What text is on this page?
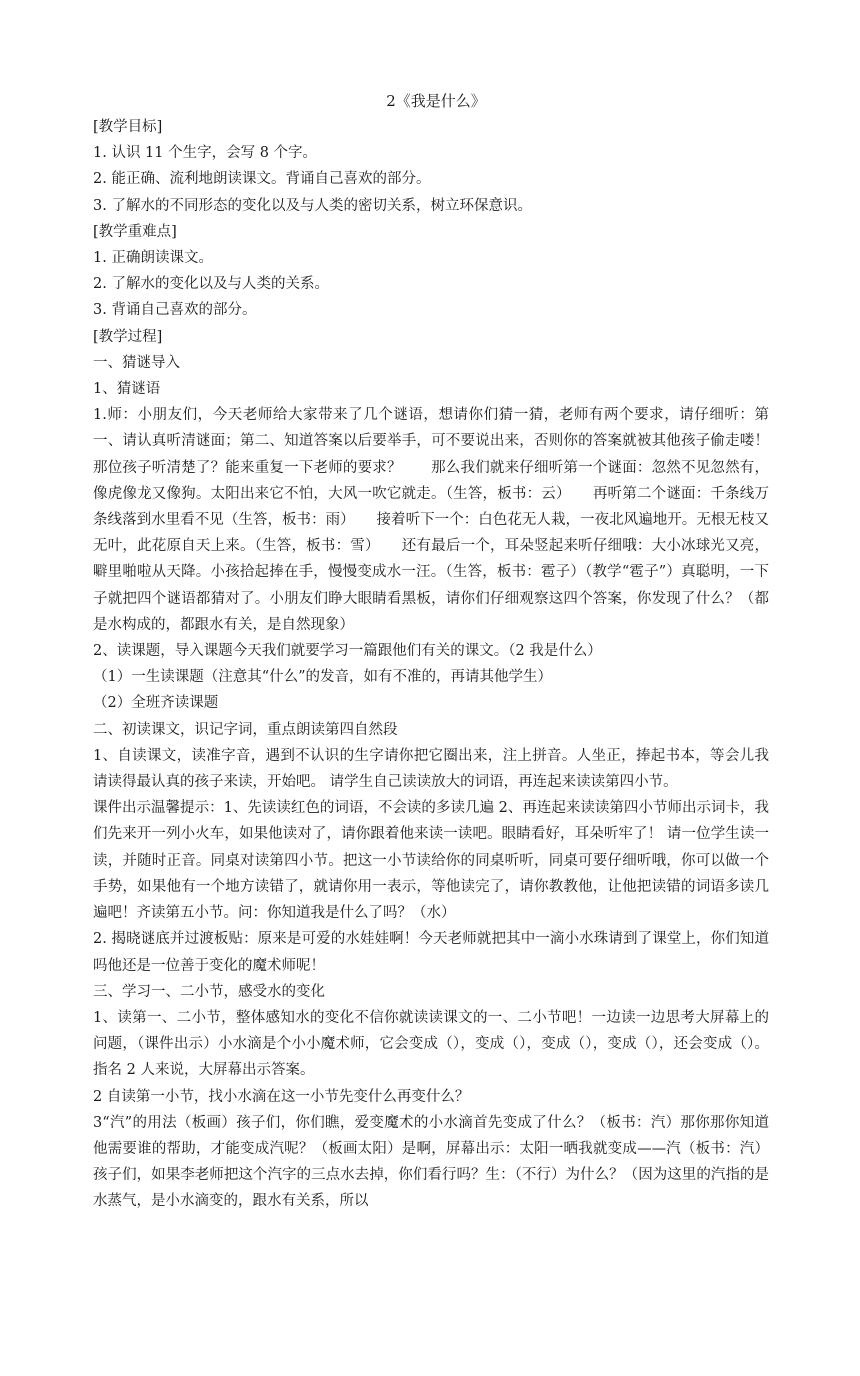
2《我是什么》
[教学目标]
1. 认识 11 个生字，会写 8 个字。
2. 能正确、流利地朗读课文。背诵自己喜欢的部分。
3. 了解水的不同形态的变化以及与人类的密切关系，树立环保意识。
[教学重难点]
1. 正确朗读课文。
2. 了解水的变化以及与人类的关系。
3. 背诵自己喜欢的部分。
[教学过程]
一、猜谜导入
1、猜谜语
1.师：小朋友们，今天老师给大家带来了几个谜语，想请你们猜一猜，老师有两个要求，请仔细听：第一、请认真听清谜面；第二、知道答案以后要举手，可不要说出来，否则你的答案就被其他孩子偷走喽！那位孩子听清楚了？能来重复一下老师的要求？　　那么我们就来仔细听第一个谜面：忽然不见忽然有，像虎像龙又像狗。太阳出来它不怕，大风一吹它就走。（生答，板书：云）　　再听第二个谜面：千条线万条线落到水里看不见（生答，板书：雨）　　接着听下一个：白色花无人栽，一夜北风遍地开。无根无枝又无叶，此花原自天上来。（生答，板书：雪）　　还有最后一个，耳朵竖起来听仔细哦：大小冰球光又亮，噼里啪啦从天降。小孩拾起捧在手，慢慢变成水一汪。（生答，板书：雹子）（教学“雹子”）真聪明，一下子就把四个谜语都猜对了。小朋友们睁大眼睛看黑板，请你们仔细观察这四个答案，你发现了什么？（都是水构成的，都跟水有关，是自然现象）
2、读课题，导入课题今天我们就要学习一篇跟他们有关的课文。（2 我是什么）
（1）一生读课题（注意其“什么”的发音，如有不准的，再请其他学生）
（2）全班齐读课题
二、初读课文，识记字词，重点朗读第四自然段
1、自读课文，读准字音，遇到不认识的生字请你把它圈出来，注上拼音。人坐正，捧起书本，等会儿我请读得最认真的孩子来读，开始吧。 请学生自己读读放大的词语，再连起来读读第四小节。
课件出示温馨提示：1、先读读红色的词语，不会读的多读几遍 2、再连起来读读第四小节师出示词卡，我们先来开一列小火车，如果他读对了，请你跟着他来读一读吧。眼睛看好，耳朵听牢了！ 请一位学生读一读，并随时正音。同桌对读第四小节。把这一小节读给你的同桌听听，同桌可要仔细听哦，你可以做一个手势，如果他有一个地方读错了，就请你用一表示，等他读完了，请你教教他，让他把读错的词语多读几遍吧！齐读第五小节。问：你知道我是什么了吗？（水）
2. 揭晓谜底并过渡板贴：原来是可爱的水娃娃啊！今天老师就把其中一滴小水珠请到了课堂上，你们知道吗他还是一位善于变化的魔术师呢！
三、学习一、二小节，感受水的变化
1、读第一、二小节，整体感知水的变化不信你就读读课文的一、二小节吧！一边读一边思考大屏幕上的问题，（课件出示）小水滴是个小小魔术师，它会变成（），变成（），变成（），变成（），还会变成（）。指名 2 人来说，大屏幕出示答案。
2 自读第一小节，找小水滴在这一小节先变什么再变什么？
3“汽”的用法（板画）孩子们，你们瞧，爱变魔术的小水滴首先变成了什么？（板书：汽）那你那你知道他需要谁的帮助，才能变成汽呢？（板画太阳）是啊，屏幕出示：太阳一晒我就变成——汽（板书：汽）孩子们，如果李老师把这个汽字的三点水去掉，你们看行吗？生：（不行）为什么？（因为这里的汽指的是水蒸气，是小水滴变的，跟水有关系，所以
